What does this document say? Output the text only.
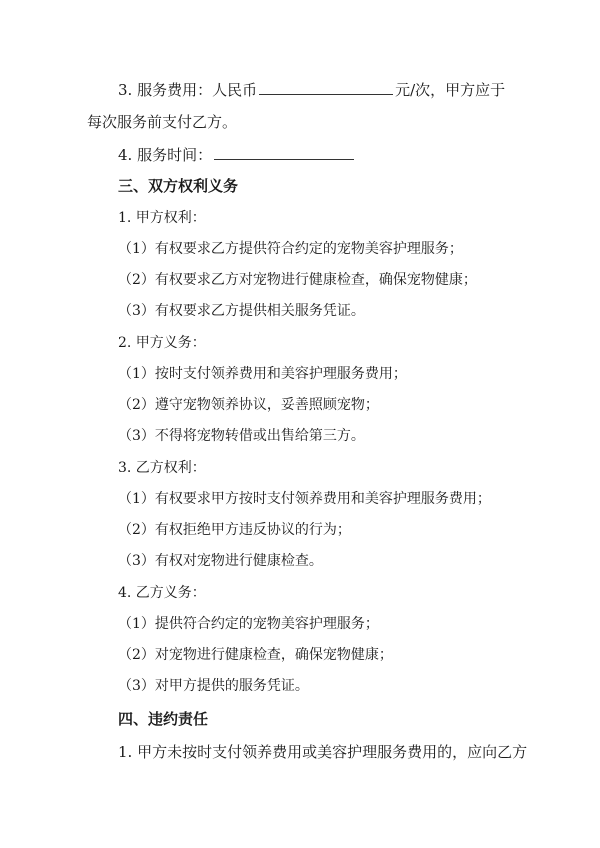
3. 服务费用：人民币	元/次，甲方应于
每次服务前支付乙方。
4. 服务时间：
三、双方权利义务
1. 甲方权利：
（1）有权要求乙方提供符合约定的宠物美容护理服务；
（2）有权要求乙方对宠物进行健康检查，确保宠物健康；
（3）有权要求乙方提供相关服务凭证。
2. 甲方义务：
（1）按时支付领养费用和美容护理服务费用；
（2）遵守宠物领养协议，妥善照顾宠物；
（3）不得将宠物转借或出售给第三方。
3. 乙方权利：
（1）有权要求甲方按时支付领养费用和美容护理服务费用；
（2）有权拒绝甲方违反协议的行为；
（3）有权对宠物进行健康检查。
4. 乙方义务：
（1）提供符合约定的宠物美容护理服务；
（2）对宠物进行健康检查，确保宠物健康；
（3）对甲方提供的服务凭证。
四、违约责任
1. 甲方未按时支付领养费用或美容护理服务费用的，应向乙方
